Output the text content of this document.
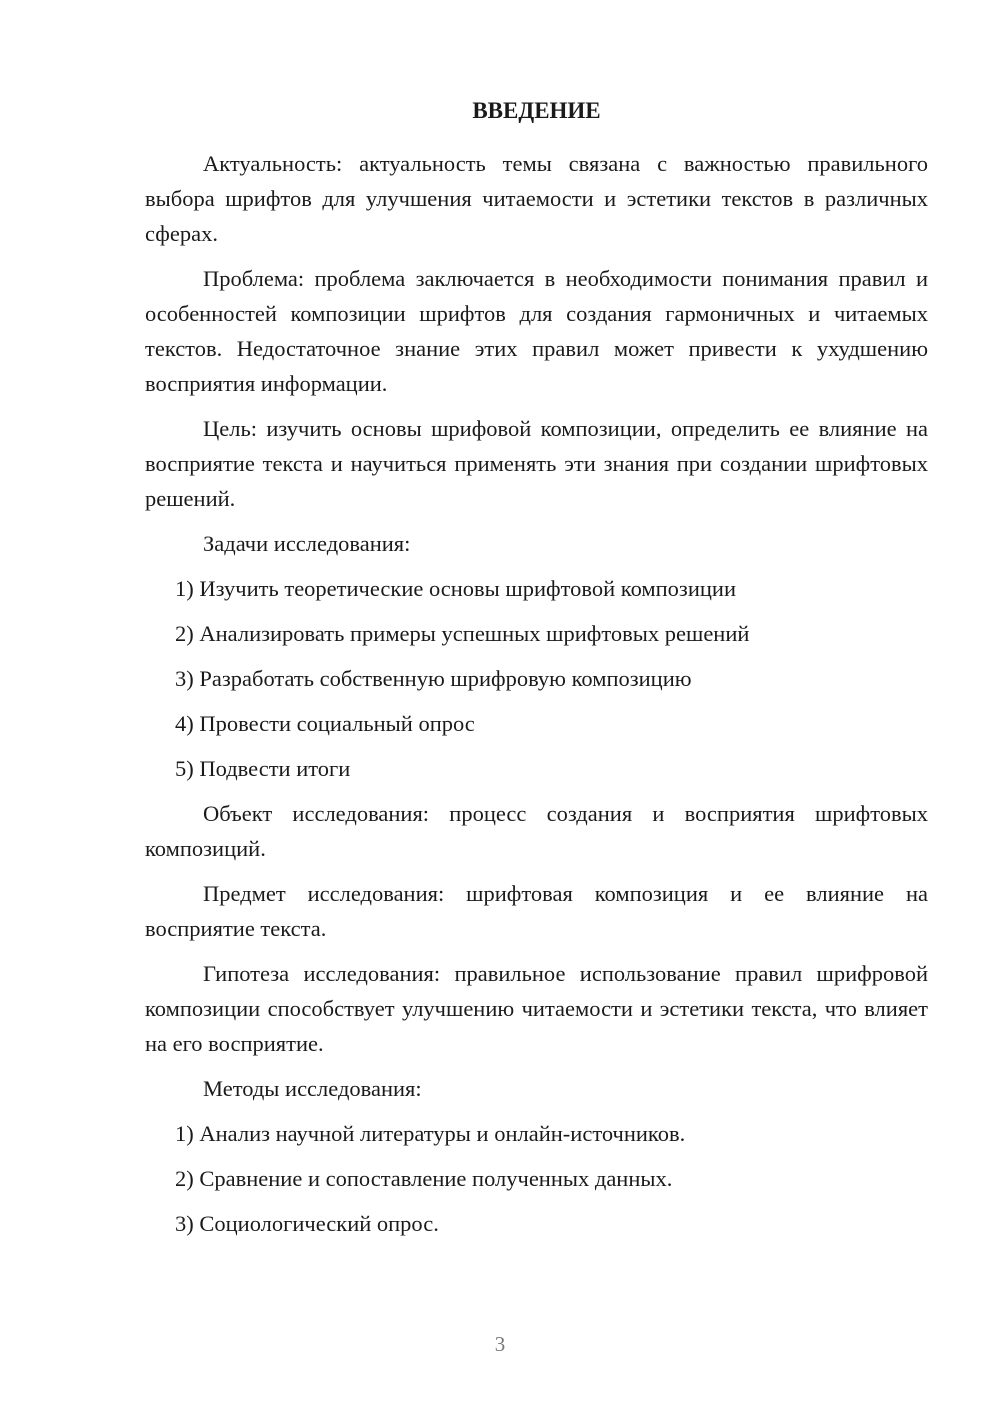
ВВЕДЕНИЕ

Актуальность: актуальность темы связана с важностью правильного выбора шрифтов для улучшения читаемости и эстетики текстов в различных сферах.

Проблема: проблема заключается в необходимости понимания правил и особенностей композиции шрифтов для создания гармоничных и читаемых текстов. Недостаточное знание этих правил может привести к ухудшению восприятия информации.

Цель: изучить основы шрифовой композиции, определить ее влияние на восприятие текста и научиться применять эти знания при создании шрифтовых решений.

Задачи исследования:

1) Изучить теоретические основы шрифтовой композиции
2) Анализировать примеры успешных шрифтовых решений
3) Разработать собственную шрифровую композицию
4) Провести социальный опрос
5) Подвести итоги

Объект исследования: процесс создания и восприятия шрифтовых композиций.

Предмет исследования: шрифтовая композиция и ее влияние на восприятие текста.

Гипотеза исследования: правильное использование правил шрифровой композиции способствует улучшению читаемости и эстетики текста, что влияет на его восприятие.

Методы исследования:

1) Анализ научной литературы и онлайн-источников.
2) Сравнение и сопоставление полученных данных.
3) Социологический опрос.
3
